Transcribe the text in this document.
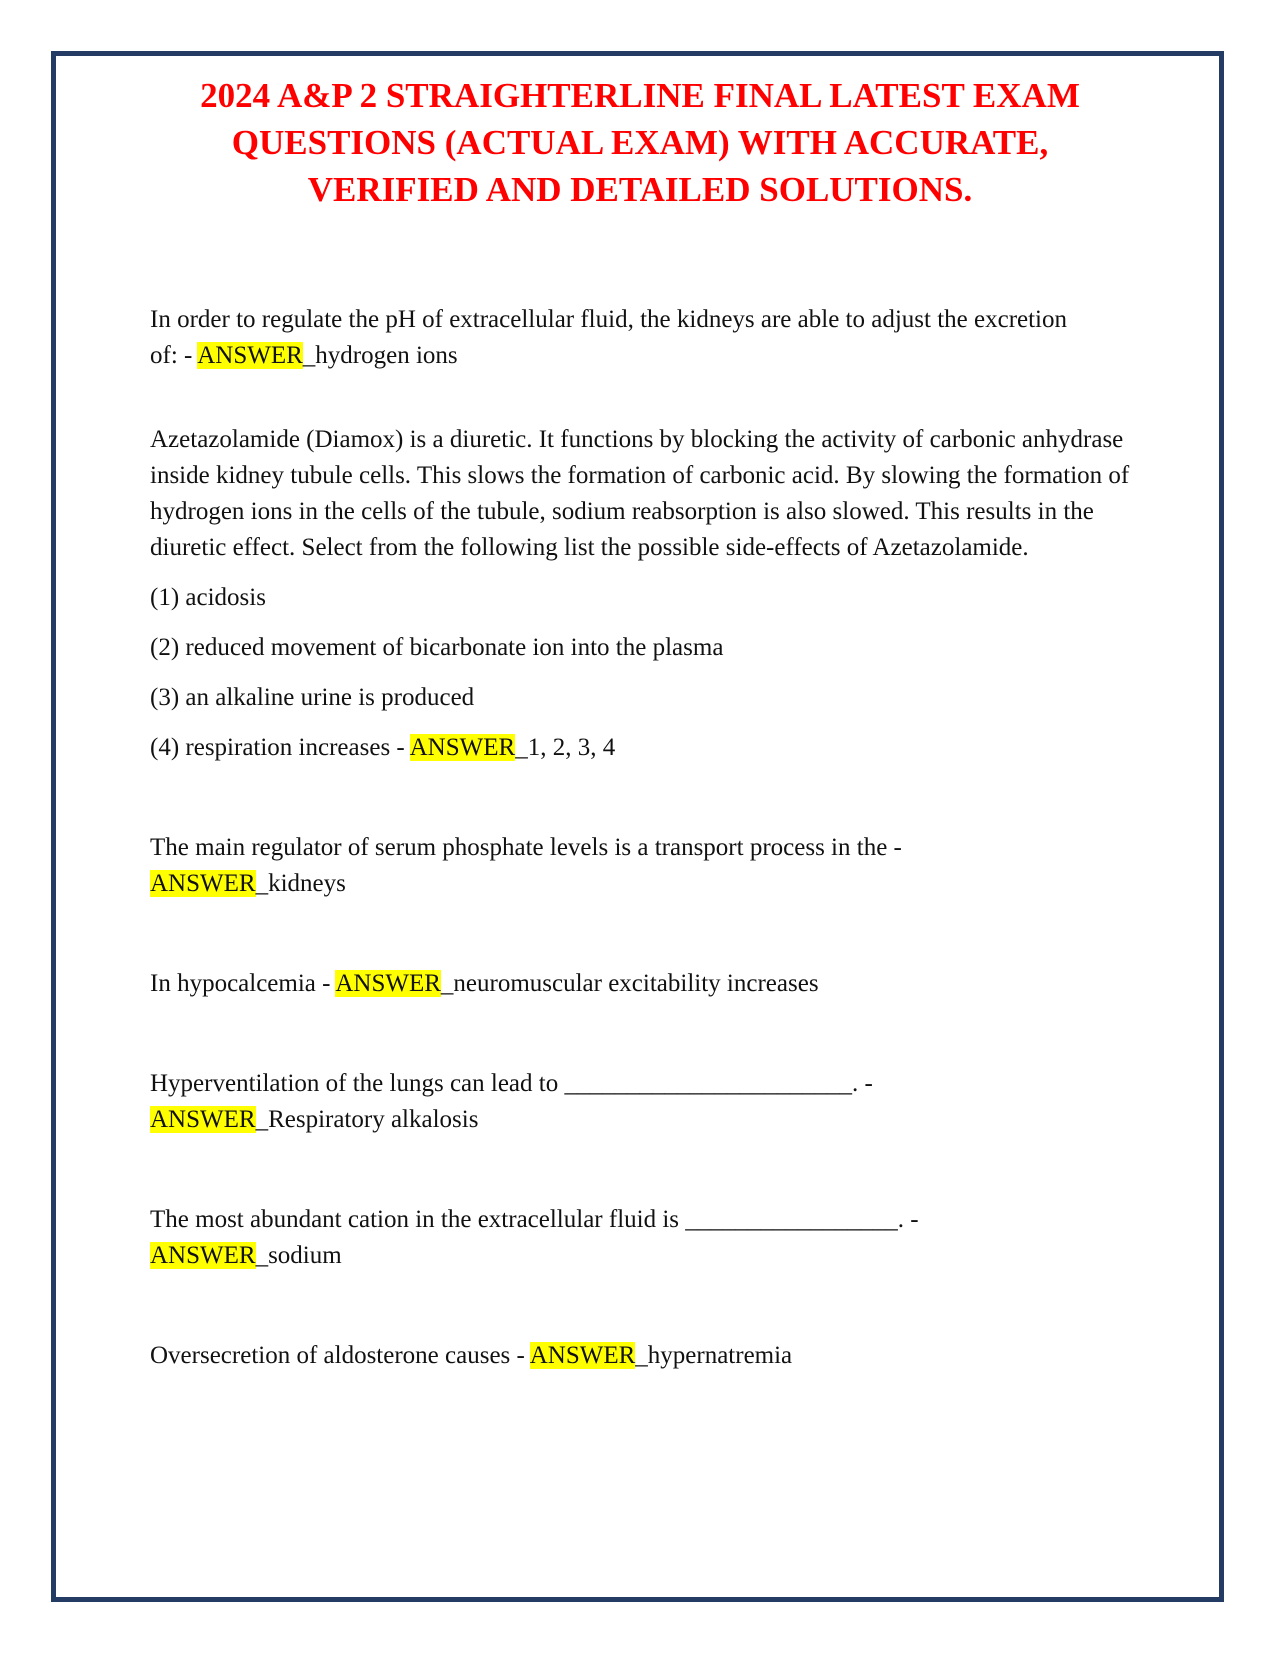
2024 A&P 2 STRAIGHTERLINE FINAL LATEST EXAM
QUESTIONS (ACTUAL EXAM) WITH ACCURATE,
VERIFIED AND DETAILED SOLUTIONS.

In order to regulate the pH of extracellular fluid, the kidneys are able to adjust the excretion of: - ANSWER_hydrogen ions

Azetazolamide (Diamox) is a diuretic. It functions by blocking the activity of carbonic anhydrase inside kidney tubule cells. This slows the formation of carbonic acid. By slowing the formation of hydrogen ions in the cells of the tubule, sodium reabsorption is also slowed. This results in the diuretic effect. Select from the following list the possible side-effects of Azetazolamide.

(1) acidosis

(2) reduced movement of bicarbonate ion into the plasma

(3) an alkaline urine is produced

(4) respiration increases - ANSWER_1, 2, 3, 4

The main regulator of serum phosphate levels is a transport process in the - ANSWER_kidneys

In hypocalcemia - ANSWER_neuromuscular excitability increases

Hyperventilation of the lungs can lead to _______________________. - ANSWER_Respiratory alkalosis

The most abundant cation in the extracellular fluid is _________________. - ANSWER_sodium

Oversecretion of aldosterone causes - ANSWER_hypernatremia
